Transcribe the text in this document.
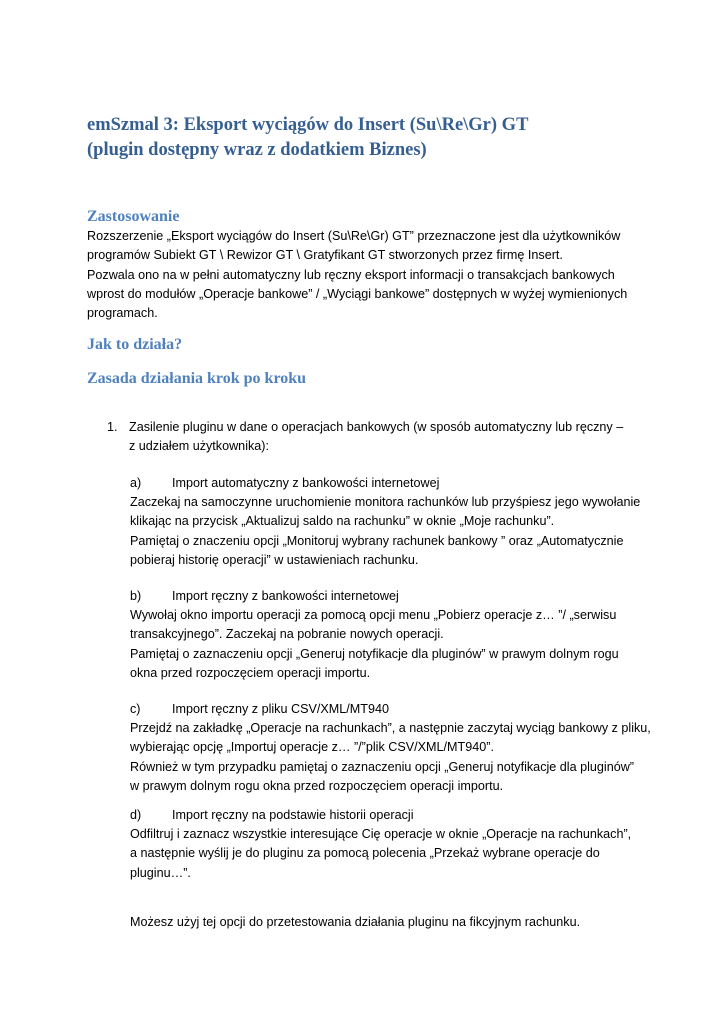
emSzmal 3: Eksport wyciągów do Insert (Su\Re\Gr) GT
(plugin dostępny wraz z dodatkiem Biznes)
Zastosowanie
Rozszerzenie „Eksport wyciągów do Insert (Su\Re\Gr) GT” przeznaczone jest dla użytkowników
programów Subiekt GT \ Rewizor GT \ Gratyfikant GT stworzonych przez firmę Insert.
Pozwala ono na w pełni automatyczny lub ręczny eksport informacji o transakcjach bankowych
wprost do modułów „Operacje bankowe” / „Wyciągi bankowe” dostępnych w wyżej wymienionych
programach.
Jak to działa?
Zasada działania krok po kroku
1. Zasilenie pluginu w dane o operacjach bankowych (w sposób automatyczny lub ręczny –
z udziałem użytkownika):
a) Import automatyczny z bankowości internetowej
Zaczekaj na samoczynne uruchomienie monitora rachunków lub przyśpiesz jego wywołanie
klikając na przycisk „Aktualizuj saldo na rachunku” w oknie „Moje rachunku”.
Pamiętaj o znaczeniu opcji „Monitoruj wybrany rachunek bankowy ” oraz „Automatycznie
pobieraj historię operacji” w ustawieniach rachunku.
b) Import ręczny z bankowości internetowej
Wywołaj okno importu operacji za pomocą opcji menu „Pobierz operacje z… ”/ „serwisu
transakcyjnego”. Zaczekaj na pobranie nowych operacji.
Pamiętaj o zaznaczeniu opcji „Generuj notyfikacje dla pluginów” w prawym dolnym rogu
okna przed rozpoczęciem operacji importu.
c)	Import ręczny z pliku CSV/XML/MT940
Przejdź na zakładkę „Operacje na rachunkach”, a następnie zaczytaj wyciąg bankowy z pliku,
wybierając opcję „Importuj operacje z… ”/”plik CSV/XML/MT940”.
Również w tym przypadku pamiętaj o zaznaczeniu opcji „Generuj notyfikacje dla pluginów”
w prawym dolnym rogu okna przed rozpoczęciem operacji importu.
d) Import ręczny na podstawie historii operacji
Odfiltruj i zaznacz wszystkie interesujące Cię operacje w oknie „Operacje na rachunkach”,
a następnie wyślij je do pluginu za pomocą polecenia „Przekaż wybrane operacje do
pluginu…”.
Możesz użyj tej opcji do przetestowania działania pluginu na fikcyjnym rachunku.
